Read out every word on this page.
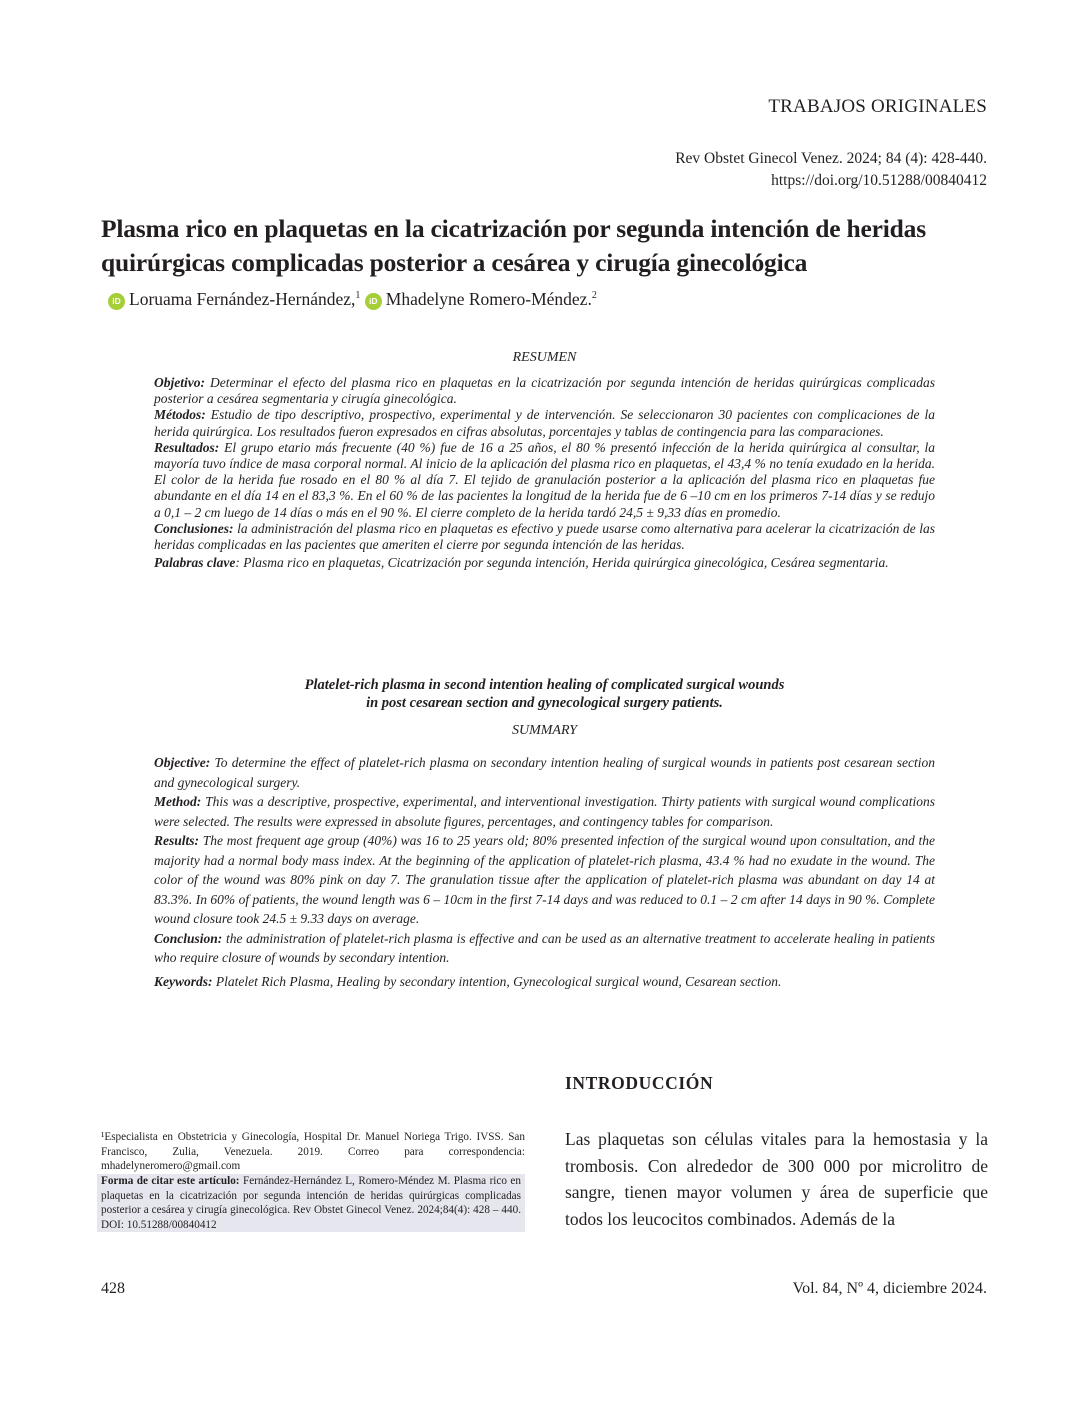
TRABAJOS ORIGINALES
Rev Obstet Ginecol Venez. 2024; 84 (4): 428-440.
https://doi.org/10.51288/00840412
Plasma rico en plaquetas en la cicatrización por segunda intención de heridas quirúrgicas complicadas posterior a cesárea y cirugía ginecológica
iD Loruama Fernández-Hernández,$^1$ iD Mhadelyne Romero-Méndez.$^2$
RESUMEN

Objetivo: Determinar el efecto del plasma rico en plaquetas en la cicatrización por segunda intención de heridas quirúrgicas complicadas posterior a cesárea segmentaria y cirugía ginecológica.

Métodos: Estudio de tipo descriptivo, prospectivo, experimental y de intervención. Se seleccionaron 30 pacientes con complicaciones de la herida quirúrgica. Los resultados fueron expresados en cifras absolutas, porcentajes y tablas de contingencia para las comparaciones.

Resultados: El grupo etario más frecuente (40 %) fue de 16 a 25 años, el 80 % presentó infección de la herida quirúrgica al consultar, la mayoría tuvo índice de masa corporal normal. Al inicio de la aplicación del plasma rico en plaquetas, el 43,4 % no tenía exudado en la herida. El color de la herida fue rosado en el 80 % al día 7. El tejido de granulación posterior a la aplicación del plasma rico en plaquetas fue abundante en el día 14 en el 83,3 %. En el 60 % de las pacientes la longitud de la herida fue de 6 –10 cm en los primeros 7-14 días y se redujo a 0,1 – 2 cm luego de 14 días o más en el 90 %. El cierre completo de la herida tardó 24,5 ± 9,33 días en promedio.

Conclusiones: la administración del plasma rico en plaquetas es efectivo y puede usarse como alternativa para acelerar la cicatrización de las heridas complicadas en las pacientes que ameriten el cierre por segunda intención de las heridas.

Palabras clave: Plasma rico en plaquetas, Cicatrización por segunda intención, Herida quirúrgica ginecológica, Cesárea segmentaria.

Platelet-rich plasma in second intention healing of complicated surgical wounds
in post cesarean section and gynecological surgery patients.
SUMMARY

Objective: To determine the effect of platelet-rich plasma on secondary intention healing of surgical wounds in patients post cesarean section and gynecological surgery.

Method: This was a descriptive, prospective, experimental, and interventional investigation. Thirty patients with surgical wound complications were selected. The results were expressed in absolute figures, percentages, and contingency tables for comparison.

Results: The most frequent age group (40%) was 16 to 25 years old; 80% presented infection of the surgical wound upon consultation, and the majority had a normal body mass index. At the beginning of the application of platelet-rich plasma, 43.4 % had no exudate in the wound. The color of the wound was 80% pink on day 7. The granulation tissue after the application of platelet-rich plasma was abundant on day 14 at 83.3%. In 60% of patients, the wound length was 6 – 10cm in the first 7-14 days and was reduced to 0.1 – 2 cm after 14 days in 90 %. Complete wound closure took 24.5 ± 9.33 days on average.

Conclusion: the administration of platelet-rich plasma is effective and can be used as an alternative treatment to accelerate healing in patients who require closure of wounds by secondary intention.

Keywords: Platelet Rich Plasma, Healing by secondary intention, Gynecological surgical wound, Cesarean section.

INTRODUCCIÓN

Las plaquetas son células vitales para la hemostasia y la trombosis. Con alrededor de 300 000 por microlitro de sangre, tienen mayor volumen y área de superficie que todos los leucocitos combinados. Además de la

¹Especialista en Obstetricia y Ginecología, Hospital Dr. Manuel Noriega Trigo. IVSS. San Francisco, Zulia, Venezuela. 2019. Correo para correspondencia: mhadelyneromero@gmail.com

Forma de citar este artículo: Fernández-Hernández L, Romero-Méndez M. Plasma rico en plaquetas en la cicatrización por segunda intención de heridas quirúrgicas complicadas posterior a cesárea y cirugía ginecológica. Rev Obstet Ginecol Venez. 2024;84(4): 428 – 440. DOI: 10.51288/00840412
428	Vol. 84, Nº 4, diciembre 2024.
